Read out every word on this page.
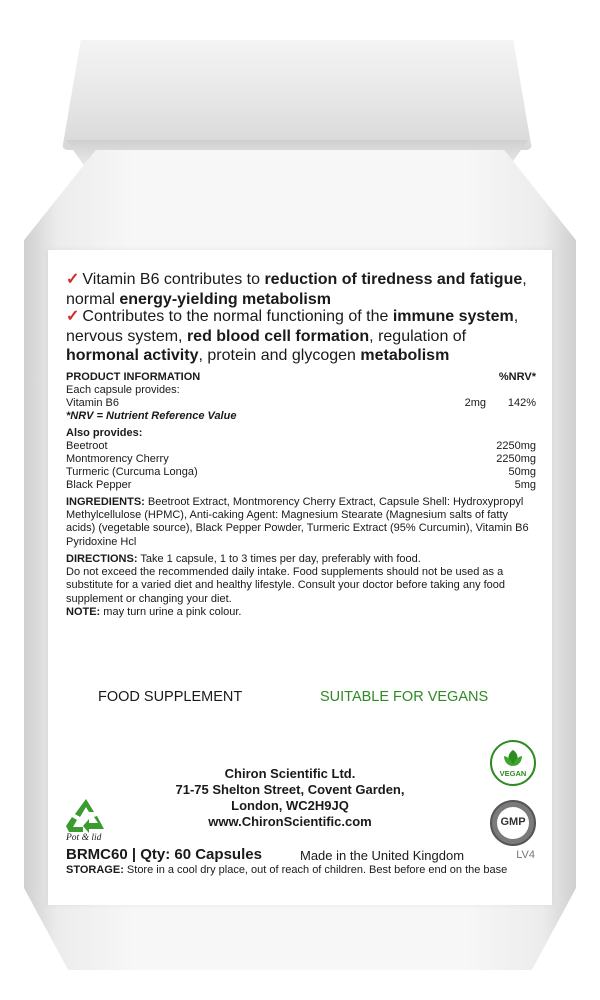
✓ Vitamin B6 contributes to reduction of tiredness and fatigue,
normal energy-yielding metabolism
✓ Contributes to the normal functioning of the immune system,
nervous system, red blood cell formation, regulation of
hormonal activity, protein and glycogen metabolism
PRODUCT INFORMATION	%NRV*
Each capsule provides:
Vitamin B6	2mg	142%
*NRV = Nutrient Reference Value
Also provides:
Beetroot	2250mg
Montmorency Cherry	2250mg
Turmeric (Curcuma Longa)	50mg
Black Pepper	5mg
INGREDIENTS: Beetroot Extract, Montmorency Cherry Extract, Capsule Shell: Hydroxypropyl Methylcellulose (HPMC), Anti-caking Agent: Magnesium Stearate (Magnesium salts of fatty acids) (vegetable source), Black Pepper Powder, Turmeric Extract (95% Curcumin), Vitamin B6 Pyridoxine Hcl
DIRECTIONS: Take 1 capsule, 1 to 3 times per day, preferably with food.
Do not exceed the recommended daily intake. Food supplements should not be used as a substitute for a varied diet and healthy lifestyle. Consult your doctor before taking any food supplement or changing your diet.
NOTE: may turn urine a pink colour.
FOOD SUPPLEMENT	SUITABLE FOR VEGANS
VEGAN
GMP
Chiron Scientific Ltd.
71-75 Shelton Street, Covent Garden,
London, WC2H9JQ
www.ChironScientific.com
Pot & lid
BRMC60 | Qty: 60 Capsules	Made in the United Kingdom	LV4
STORAGE: Store in a cool dry place, out of reach of children. Best before end on the base
